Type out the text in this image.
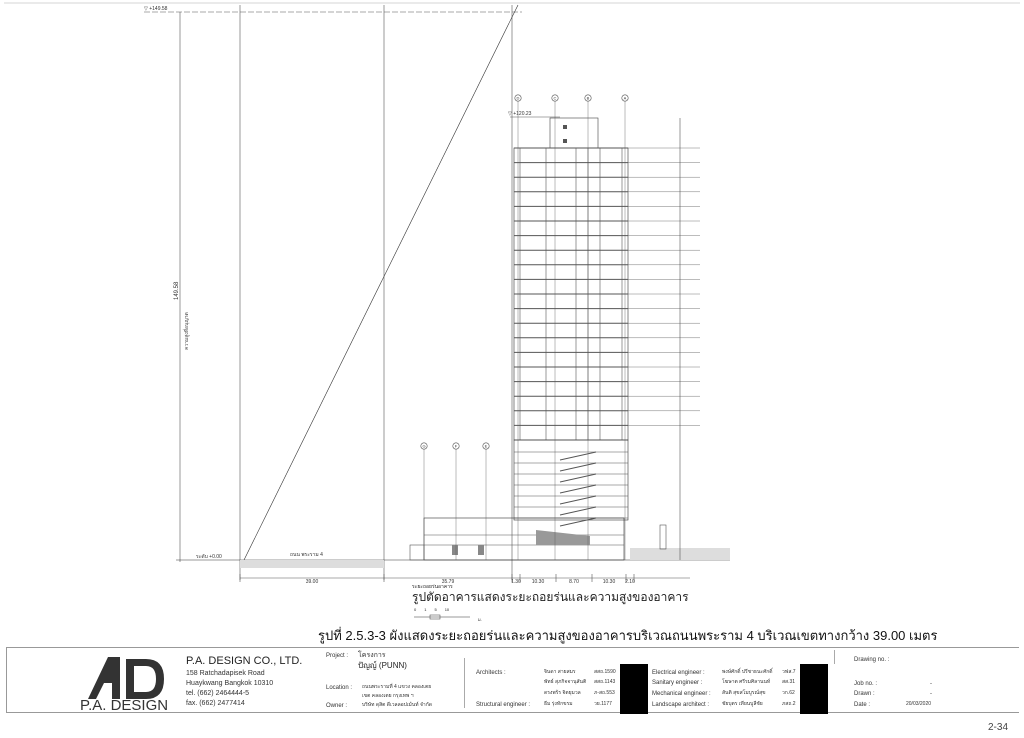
▽ +149.58
149.58
ความสูงที่อนุญาต
ระดับ +0.00	ถนน พระราม 4
▽ +120.23
D	C	B	A
G	F	E
39.00	35.79	1.30 10.30	8.70	10.30 2.10
ระยะถอยร่นอาคาร
รูปตัดอาคารแสดงระยะถอยร่นและความสูงของอาคาร
0 1 5 10
ม.
รูปที่ 2.5.3-3 ผังแสดงระยะถอยร่นและความสูงของอาคารบริเวณถนนพระราม 4 บริเวณเขตทางกว้าง 39.00 เมตร
P.A. DESIGN
P.A. DESIGN CO., LTD.
158 Ratchadapisek Road
Huaykwang Bangkok 10310
tel. (662) 2464444-5
fax. (662) 2477414
Project : โครงการ
ปัญญ์ (PUNN)
Location : ถนนพระรามที่ 4 แขวง คลองเตย
เขต คลองเตย กรุงเทพ ฯ
Owner :	บริษัท ดุสิต ดีเวลลอปเม้นท์ จำกัด
Architects :	จินดา สายสมร	สสถ.1590
พัทธ์ สุภกิจจานุสันติ สสถ.1143
ดรงพร้ร จิตยุมวล	ภ-สถ.553
Structural engineer :	ธีม รุ่งทักขรม	วย.1177
Electrical engineer :	พงษ์ศักดิ์ ปรีชาธนะศักดิ์ วฟส.7
Sanitary engineer :	โฆษาต ศรีรมศิลานนท์ สส.31
Mechanical engineer : สันติ สุขสโมบูรณ์สุข	วก.62
Landscape architect :	ชัยบุตร เทียนบูลีชัย	ภสถ.2
Drawing no. :
Job no. :	-
Drawn :	-
Date :	20/03/2020
2-34
